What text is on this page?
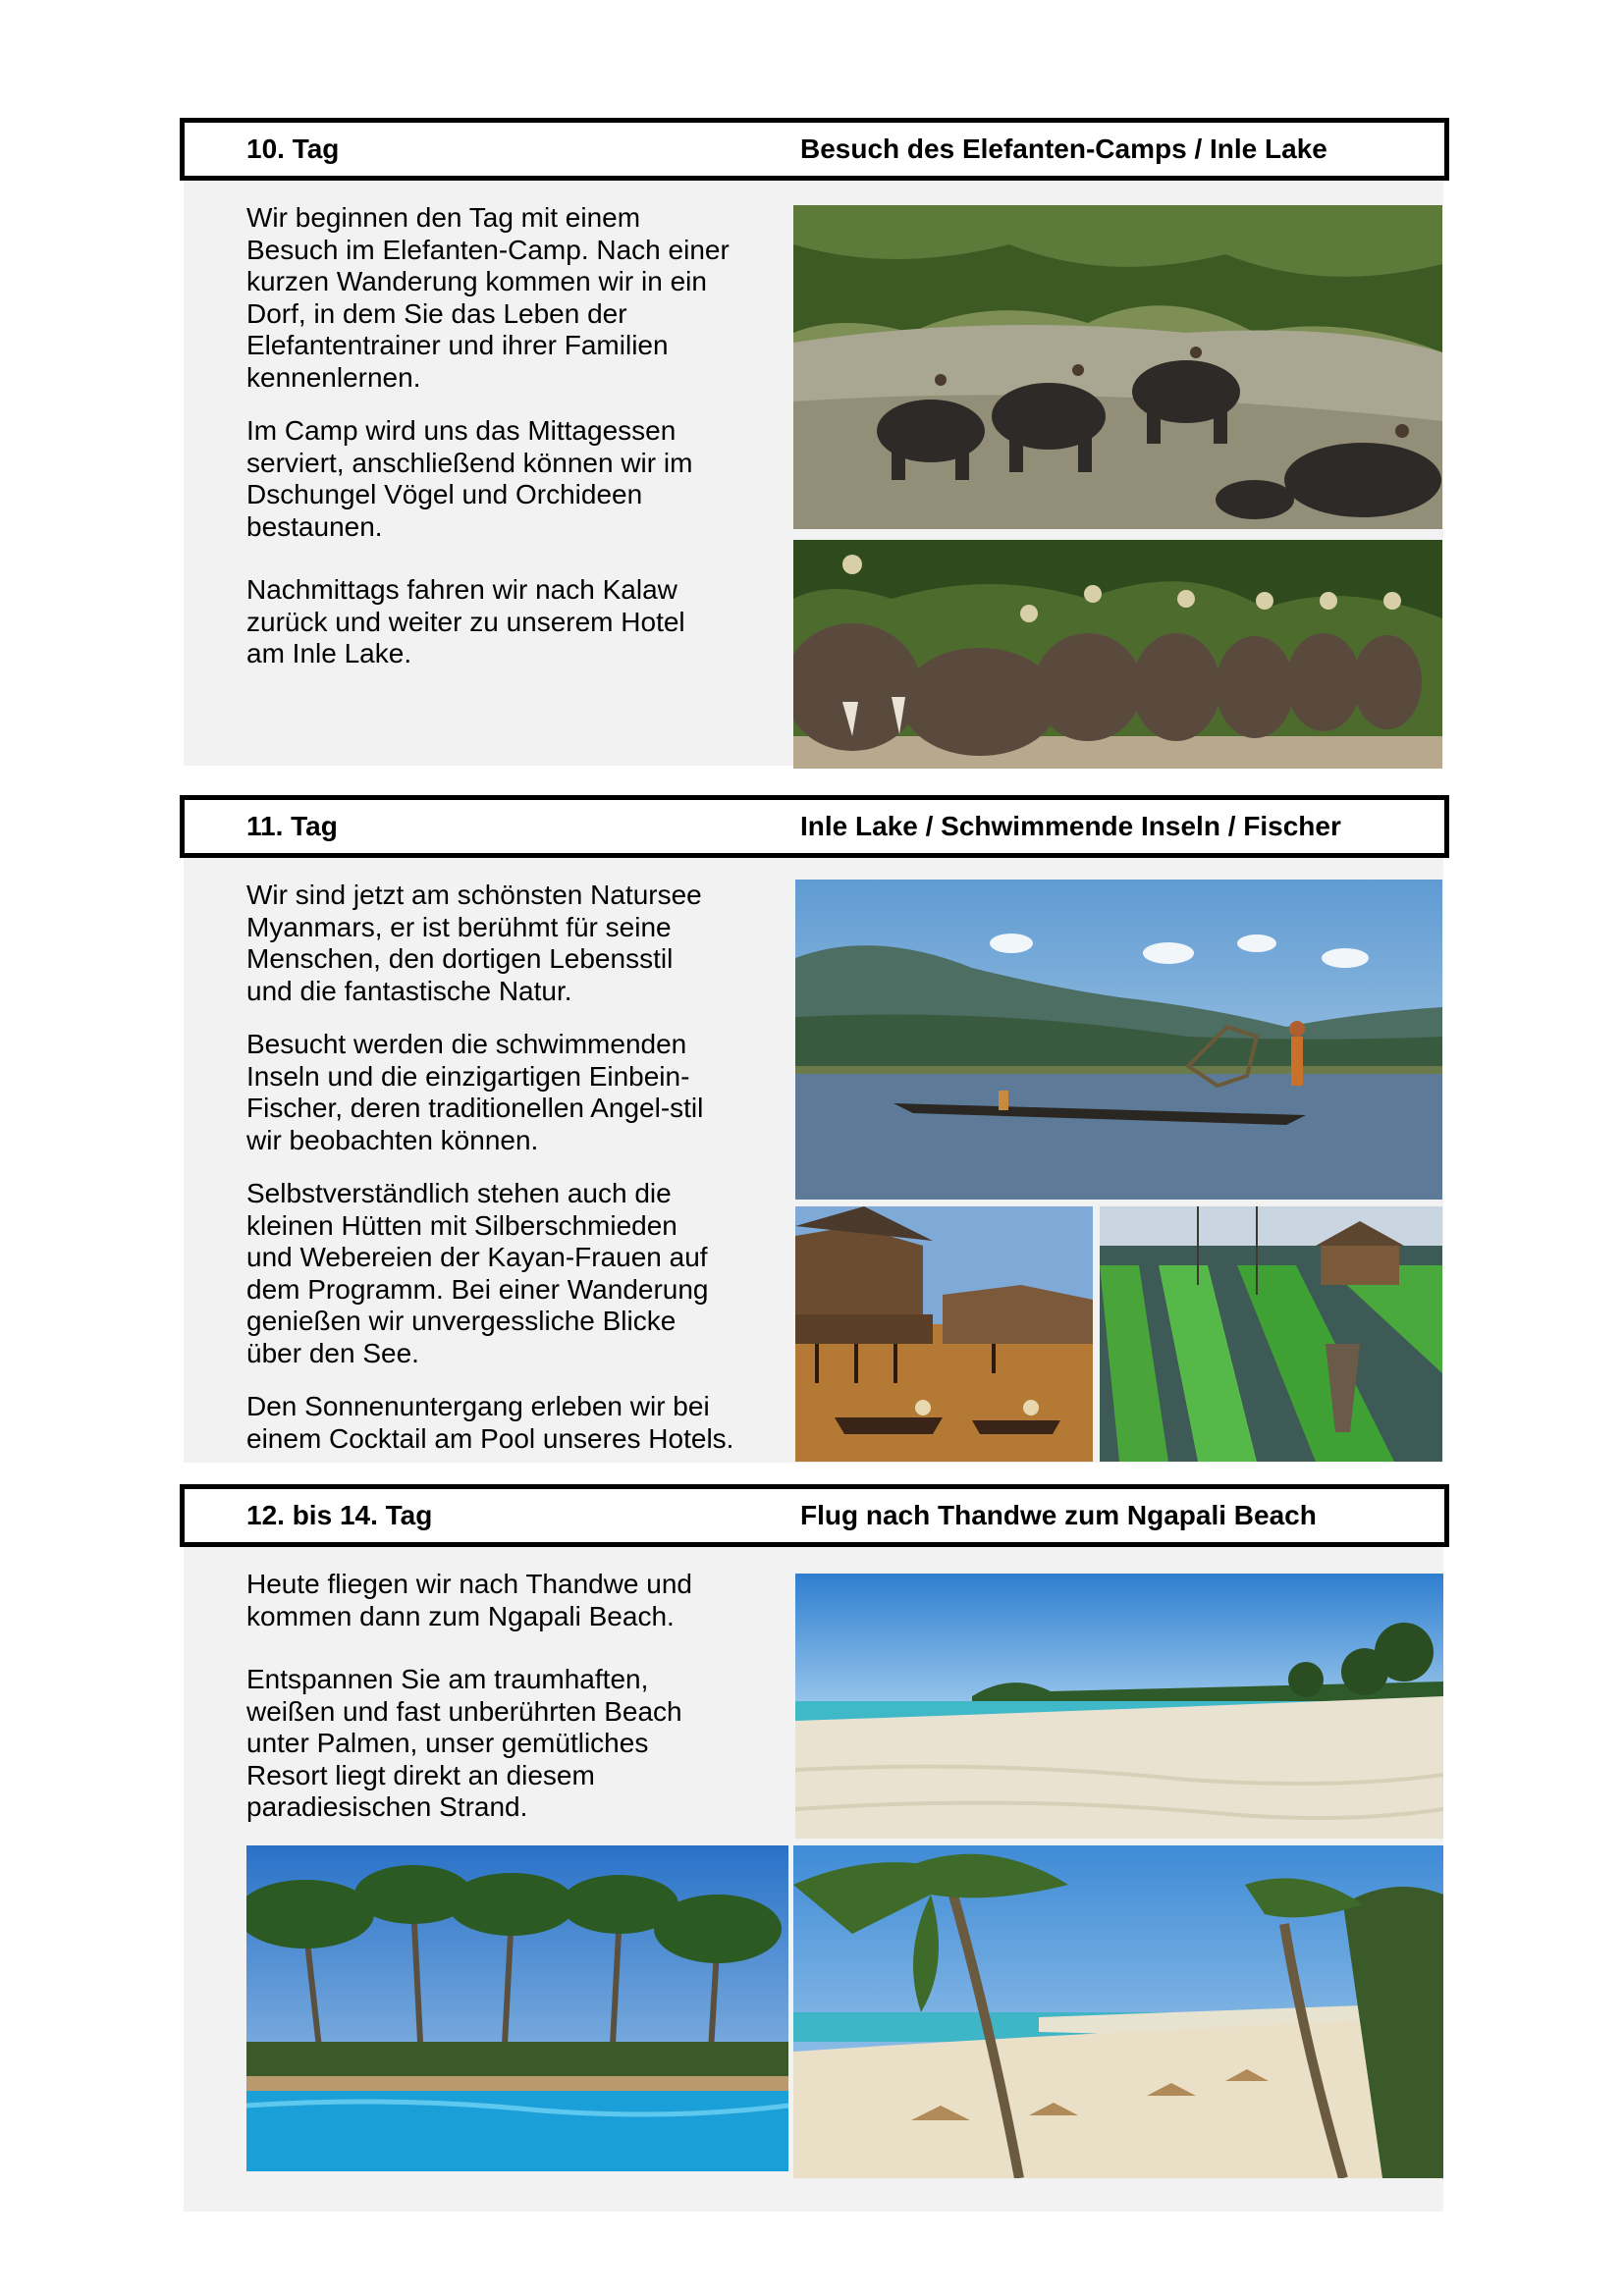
10. Tag	Besuch des Elefanten-Camps / Inle Lake

Wir beginnen den Tag mit einem Besuch im Elefanten-Camp. Nach einer kurzen Wanderung kommen wir in ein Dorf, in dem Sie das Leben der Elefantentrainer und ihrer Familien kennenlernen.

Im Camp wird uns das Mittagessen serviert, anschließend können wir im Dschungel Vögel und Orchideen bestaunen.

Nachmittags fahren wir nach Kalaw zurück und weiter zu unserem Hotel am Inle Lake.

11. Tag	Inle Lake / Schwimmende Inseln / Fischer

Wir sind jetzt am schönsten Natursee Myanmars, er ist berühmt für seine Menschen, den dortigen Lebensstil und die fantastische Natur.

Besucht werden die schwimmenden Inseln und die einzigartigen Einbein-Fischer, deren traditionellen Angel-stil wir beobachten können.

Selbstverständlich stehen auch die kleinen Hütten mit Silberschmieden und Webereien der Kayan-Frauen auf dem Programm. Bei einer Wanderung genießen wir unvergessliche Blicke über den See.

Den Sonnenuntergang erleben wir bei einem Cocktail am Pool unseres Hotels.

12. bis 14. Tag	Flug nach Thandwe zum Ngapali Beach

Heute fliegen wir nach Thandwe und kommen dann zum Ngapali Beach.

Entspannen Sie am traumhaften, weißen und fast unberührten Beach unter Palmen, unser gemütliches Resort liegt direkt an diesem paradiesischen Strand.
